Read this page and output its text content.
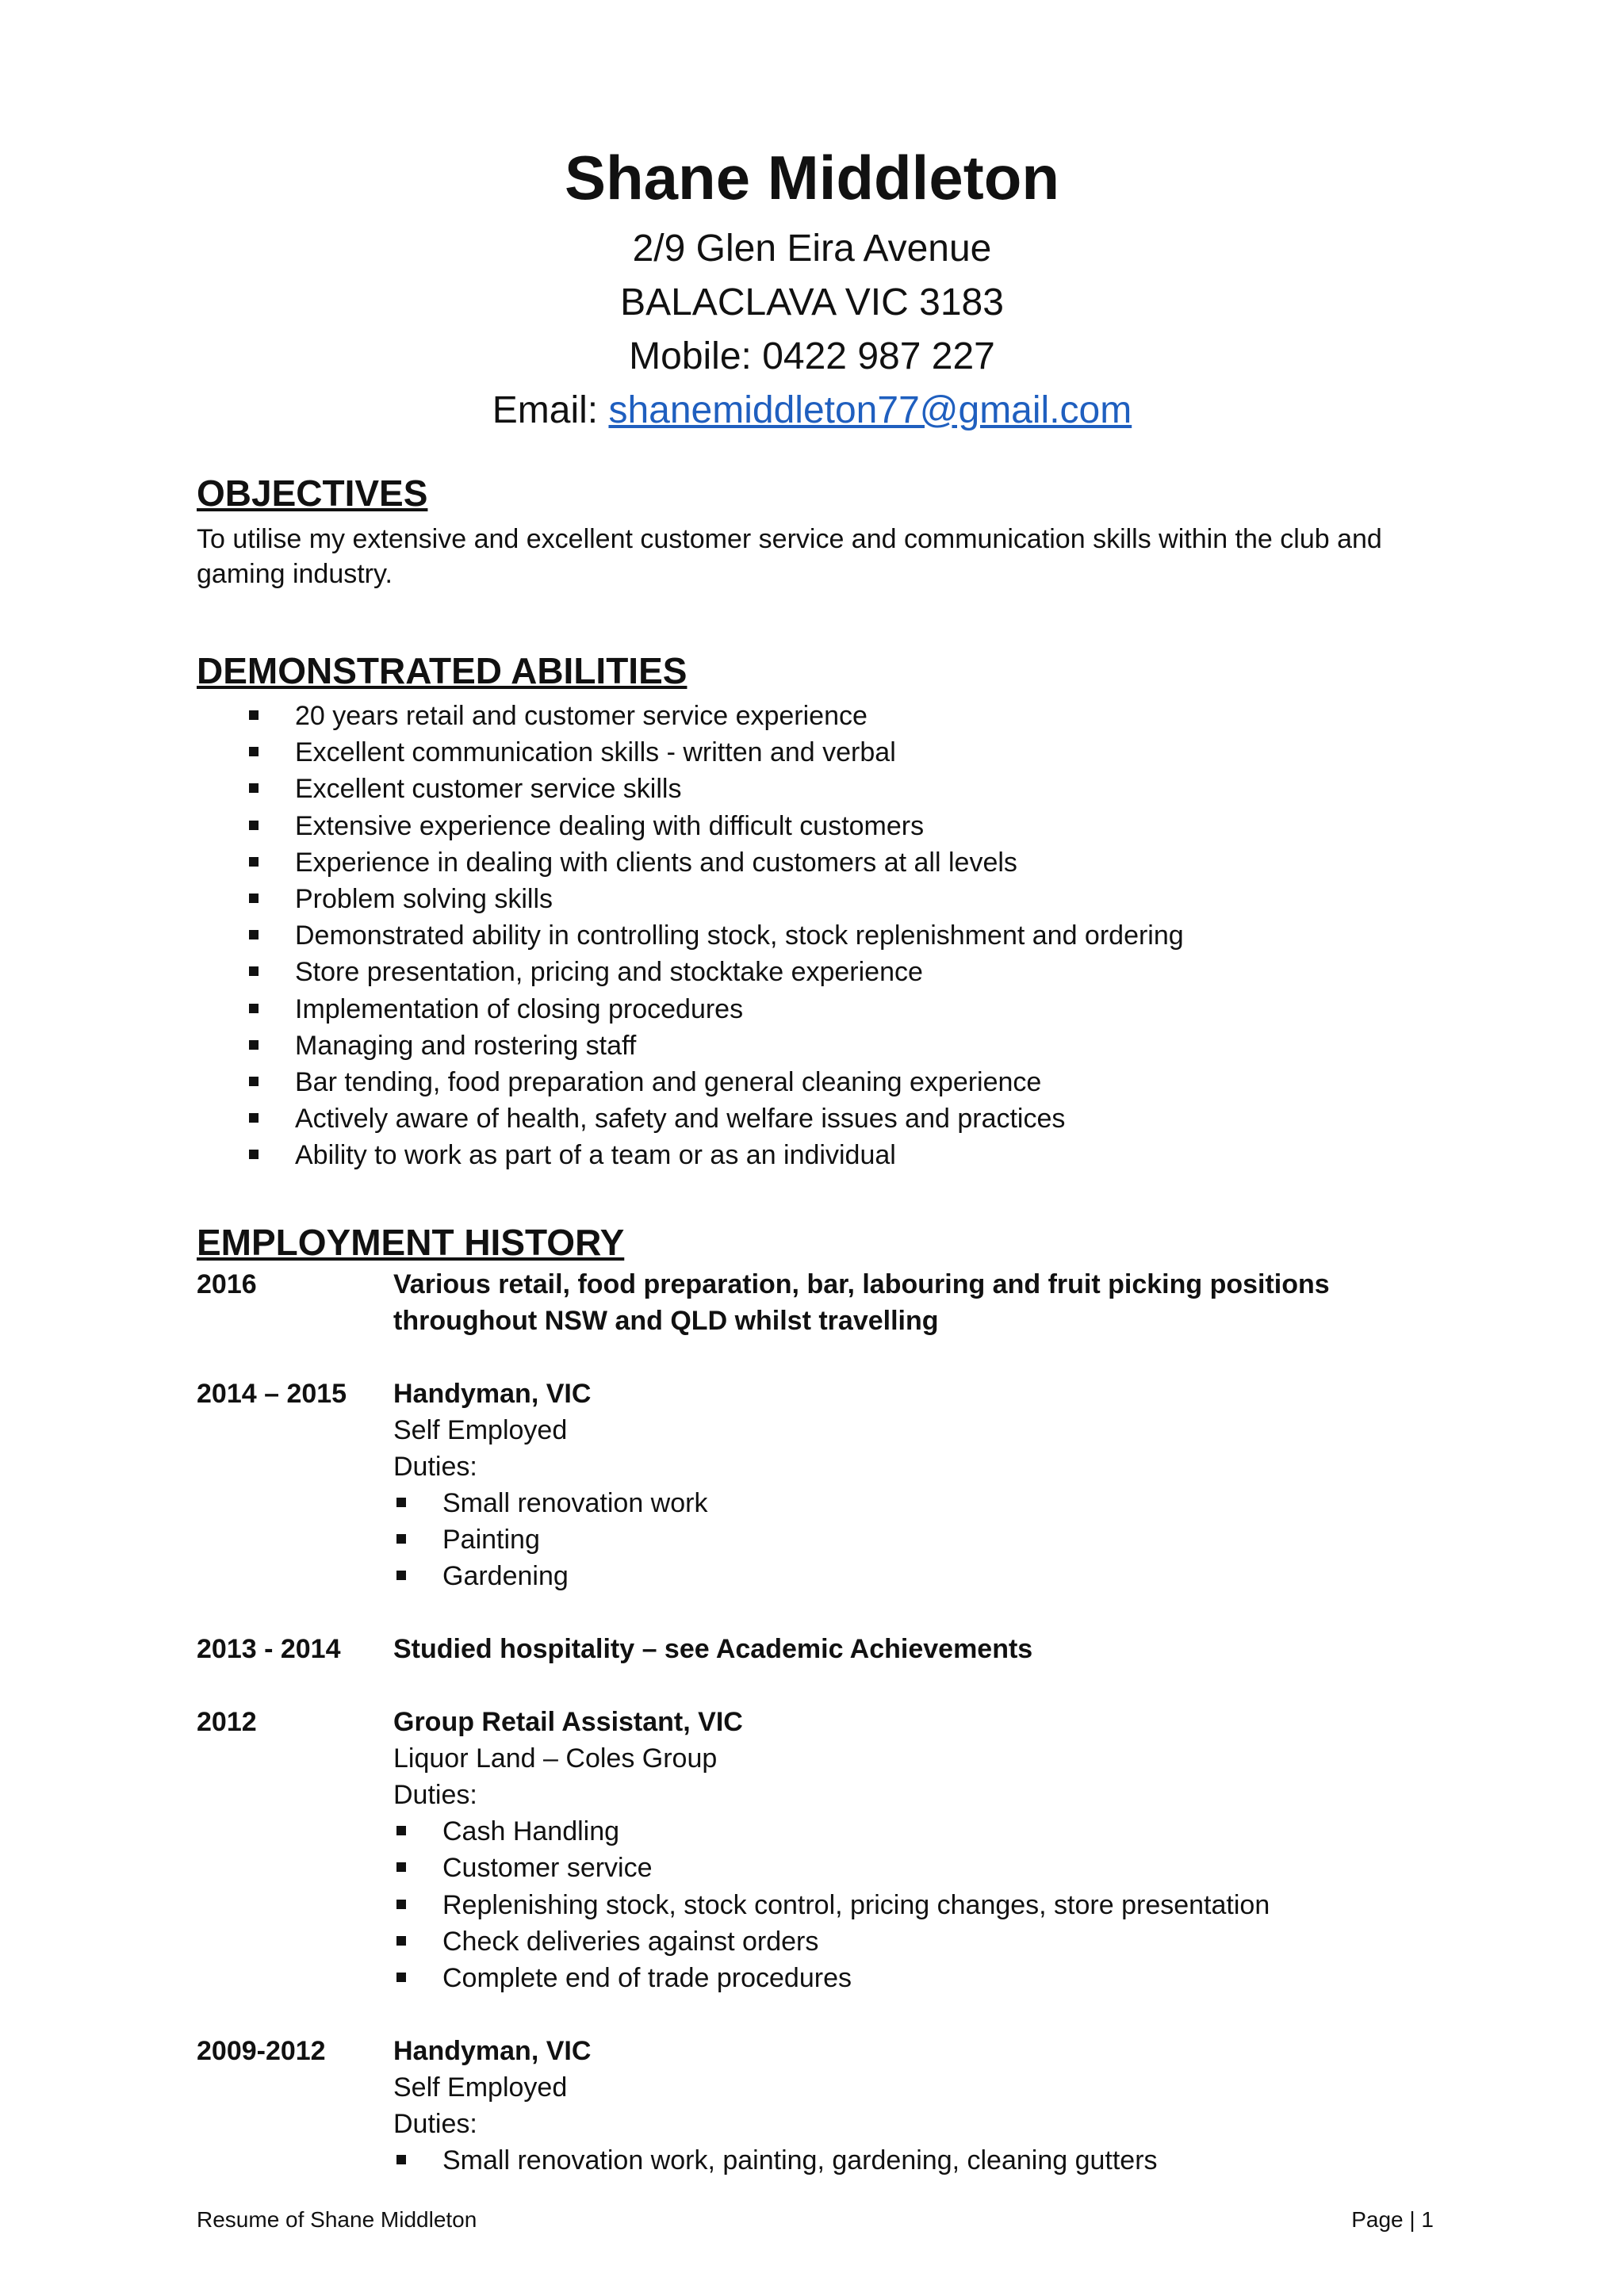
Shane Middleton

2/9 Glen Eira Avenue

BALACLAVA VIC 3183

Mobile: 0422 987 227

Email: shanemiddleton77@gmail.com

OBJECTIVES

To utilise my extensive and excellent customer service and communication skills within the club and gaming industry.

DEMONSTRATED ABILITIES

20 years retail and customer service experience
Excellent communication skills - written and verbal
Excellent customer service skills
Extensive experience dealing with difficult customers
Experience in dealing with clients and customers at all levels
Problem solving skills
Demonstrated ability in controlling stock, stock replenishment and ordering
Store presentation, pricing and stocktake experience
Implementation of closing procedures
Managing and rostering staff
Bar tending, food preparation and general cleaning experience
Actively aware of health, safety and welfare issues and practices
Ability to work as part of a team or as an individual

EMPLOYMENT HISTORY

2016	Various retail, food preparation, bar, labouring and fruit picking positions
throughout NSW and QLD whilst travelling
2014 – 2015	Handyman, VIC
Self Employed
Duties:
Small renovation work
Painting
Gardening
2013 - 2014	Studied hospitality – see Academic Achievements
2012	Group Retail Assistant, VIC
Liquor Land – Coles Group
Duties:
Cash Handling
Customer service
Replenishing stock, stock control, pricing changes, store presentation
Check deliveries against orders
Complete end of trade procedures
2009-2012	Handyman, VIC
Self Employed
Duties:
Small renovation work, painting, gardening, cleaning gutters
Resume of Shane Middleton	Page | 1
